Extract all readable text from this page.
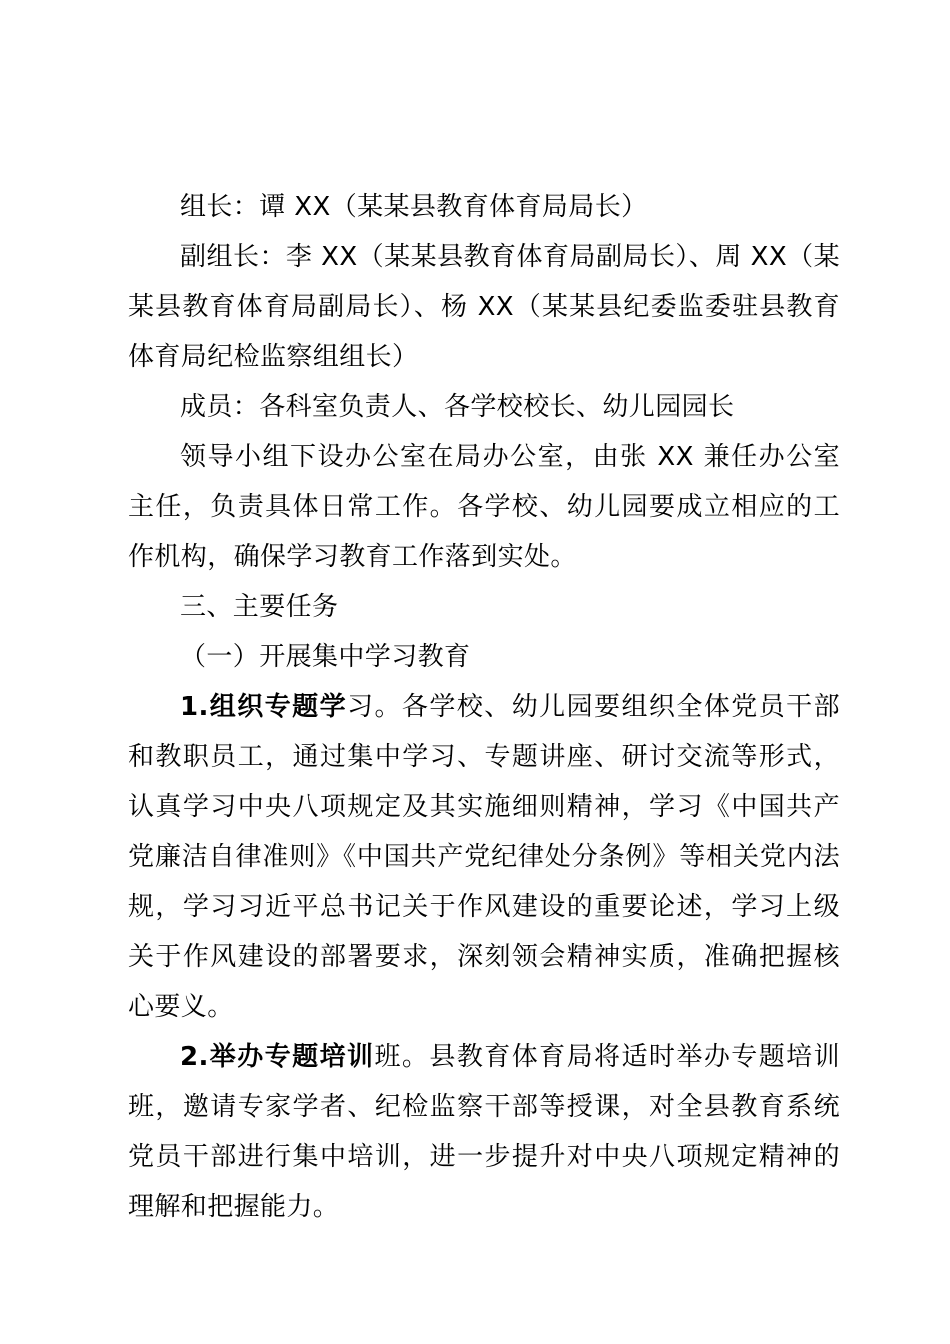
组长：谭 XX（某某县教育体育局局长）

副组长：李 XX（某某县教育体育局副局长）、周 XX（某某县教育体育局副局长）、杨 XX（某某县纪委监委驻县教育体育局纪检监察组组长）

成员：各科室负责人、各学校校长、幼儿园园长

领导小组下设办公室在局办公室，由张 XX 兼任办公室主任，负责具体日常工作。各学校、幼儿园要成立相应的工作机构，确保学习教育工作落到实处。

三、主要任务

（一）开展集中学习教育

1.组织专题学习。各学校、幼儿园要组织全体党员干部和教职员工，通过集中学习、专题讲座、研讨交流等形式，认真学习中央八项规定及其实施细则精神，学习《中国共产党廉洁自律准则》《中国共产党纪律处分条例》等相关党内法规，学习习近平总书记关于作风建设的重要论述，学习上级关于作风建设的部署要求，深刻领会精神实质，准确把握核心要义。

2.举办专题培训班。县教育体育局将适时举办专题培训班，邀请专家学者、纪检监察干部等授课，对全县教育系统党员干部进行集中培训，进一步提升对中央八项规定精神的理解和把握能力。
